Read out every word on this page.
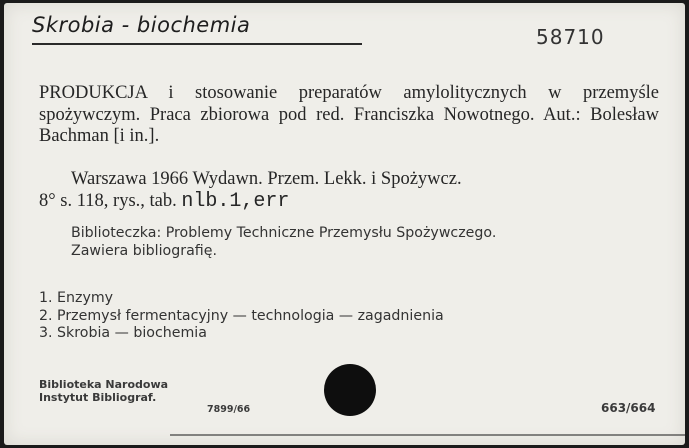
Skrobia - biochemia	58710
PRODUKCJA i stosowanie preparatów amylolitycznych w przemyśle spożywczym. Praca zbiorowa pod red. Franciszka Nowotnego. Aut.: Bolesław Bachman [i in.].
Warszawa 1966 Wydawn. Przem. Lekk. i Spożywcz.
8° s. 118, rys., tab. nlb.1,err
Biblioteczka: Problemy Techniczne Przemysłu Spożywczego.
Zawiera bibliografię.
1. Enzymy
2. Przemysł fermentacyjny — technologia — zagadnienia
3. Skrobia — biochemia
Biblioteka Narodowa
Instytut Bibliograf.
7899/66	663/664
